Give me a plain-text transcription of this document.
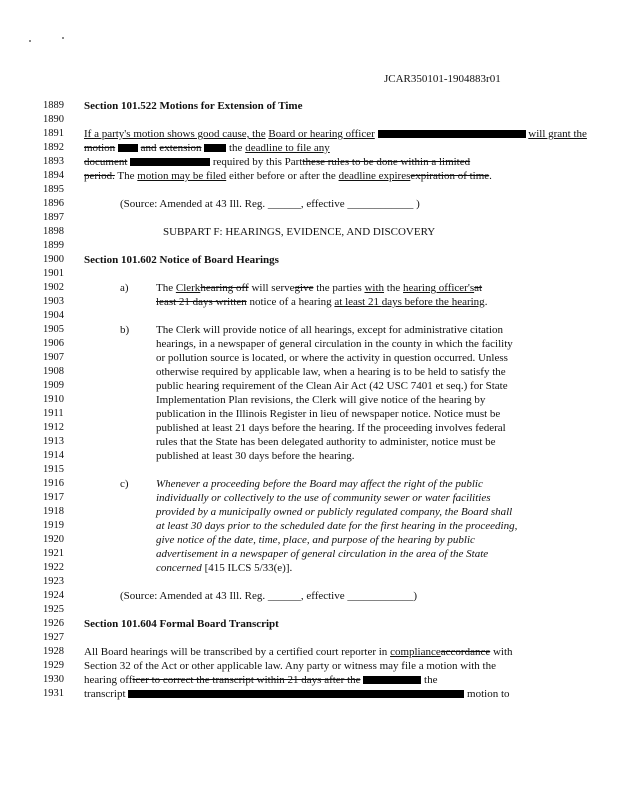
JCAR350101-1904883r01
1889	Section 101.522 Motions for Extension of Time
1890
1891	If a party's motion shows good cause, the Board or hearing officer	will grant the
1892	motion and extension	the deadline to file any
1893	document	required by this Partthese rules to be done within a limited
1894	period. The motion may be filed either before or after the deadline expiresexpiration of time.
1895
1896	(Source: Amended at 43 Ill. Reg. ______, effective ____________ )
1897
1898	SUBPART F: HEARINGS, EVIDENCE, AND DISCOVERY
1899
1900	Section 101.602 Notice of Board Hearings
1901
1902	a) The Clerkhearing off will servegive the parties with the hearing officer'sat
1903	least 21 days written notice of a hearing at least 21 days before the hearing.
1904
1905	b) The Clerk will provide notice of all hearings, except for administrative citation
1906	hearings, in a newspaper of general circulation in the county in which the facility
1907	or pollution source is located, or where the activity in question occurred. Unless
1908	otherwise required by applicable law, when a hearing is to be held to satisfy the
1909	public hearing requirement of the Clean Air Act (42 USC 7401 et seq.) for State
1910	Implementation Plan revisions, the Clerk will give notice of the hearing by
1911	publication in the Illinois Register in lieu of newspaper notice. Notice must be
1912	published at least 21 days before the hearing. If the proceeding involves federal
1913	rules that the State has been delegated authority to administer, notice must be
1914	published at least 30 days before the hearing.
1915
1916	c) Whenever a proceeding before the Board may affect the right of the public
1917	individually or collectively to the use of community sewer or water facilities
1918	provided by a municipally owned or publicly regulated company, the Board shall
1919	at least 30 days prior to the scheduled date for the first hearing in the proceeding,
1920	give notice of the date, time, place, and purpose of the hearing by public
1921	advertisement in a newspaper of general circulation in the area of the State
1922	concerned [415 ILCS 5/33(e)].
1923
1924	(Source: Amended at 43 Ill. Reg. ______, effective ____________)
1925
1926	Section 101.604 Formal Board Transcript
1927
1928	All Board hearings will be transcribed by a certified court reporter in complianceaccordance with
1929	Section 32 of the Act or other applicable law. Any party or witness may file a motion with the
1930	hearing officer to correct the transcript within 21 days after the	the
1931	transcript	motion to
